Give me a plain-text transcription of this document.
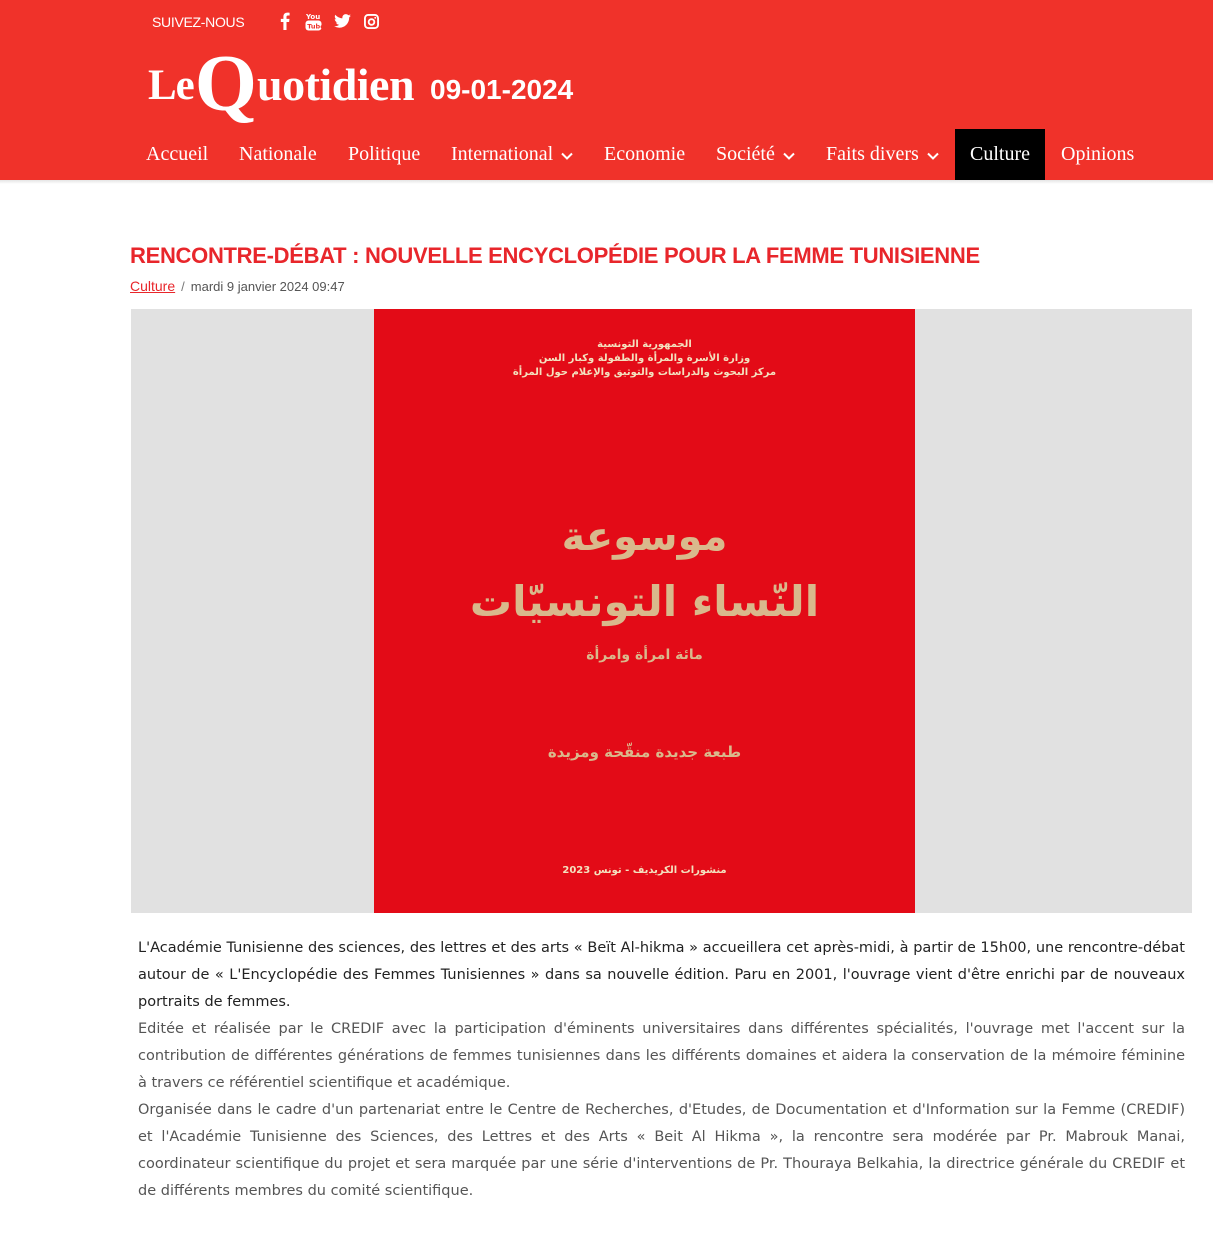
SUIVEZ-NOUS	You
Tube
Le Q uotidien 09-01-2024
Accueil Nationale Politique International	Economie Société	Faits divers	Culture Opinions
RENCONTRE-DÉBAT : NOUVELLE ENCYCLOPÉDIE POUR LA FEMME TUNISIENNE
Culture / mardi 9 janvier 2024 09:47
الجمهورية التونسية
وزارة الأسرة والمرأة والطفولة وكبار السن
مركز البحوث والدراسات والتوثيق والإعلام حول المرأة
موسوعة
النّساء التونسيّات
مائة امرأة وامرأة
طبعة جديدة منقّحة ومزيدة
منشورات الكريديف - تونس 2023

L'Académie Tunisienne des sciences, des lettres et des arts « Beït Al-hikma » accueillera cet après-midi, à partir de 15h00, une rencontre-débat autour de « L'Encyclopédie des Femmes Tunisiennes » dans sa nouvelle édition. Paru en 2001, l'ouvrage vient d'être enrichi par de nouveaux portraits de femmes.

Editée et réalisée par le CREDIF avec la participation d'éminents universitaires dans différentes spécialités, l'ouvrage met l'accent sur la contribution de différentes générations de femmes tunisiennes dans les différents domaines et aidera la conservation de la mémoire féminine à travers ce référentiel scientifique et académique.

Organisée dans le cadre d'un partenariat entre le Centre de Recherches, d'Etudes, de Documentation et d'Information sur la Femme (CREDIF) et l'Académie Tunisienne des Sciences, des Lettres et des Arts « Beit Al Hikma », la rencontre sera modérée par Pr. Mabrouk Manai, coordinateur scientifique du projet et sera marquée par une série d'interventions de Pr. Thouraya Belkahia, la directrice générale du CREDIF et de différents membres du comité scientifique.
